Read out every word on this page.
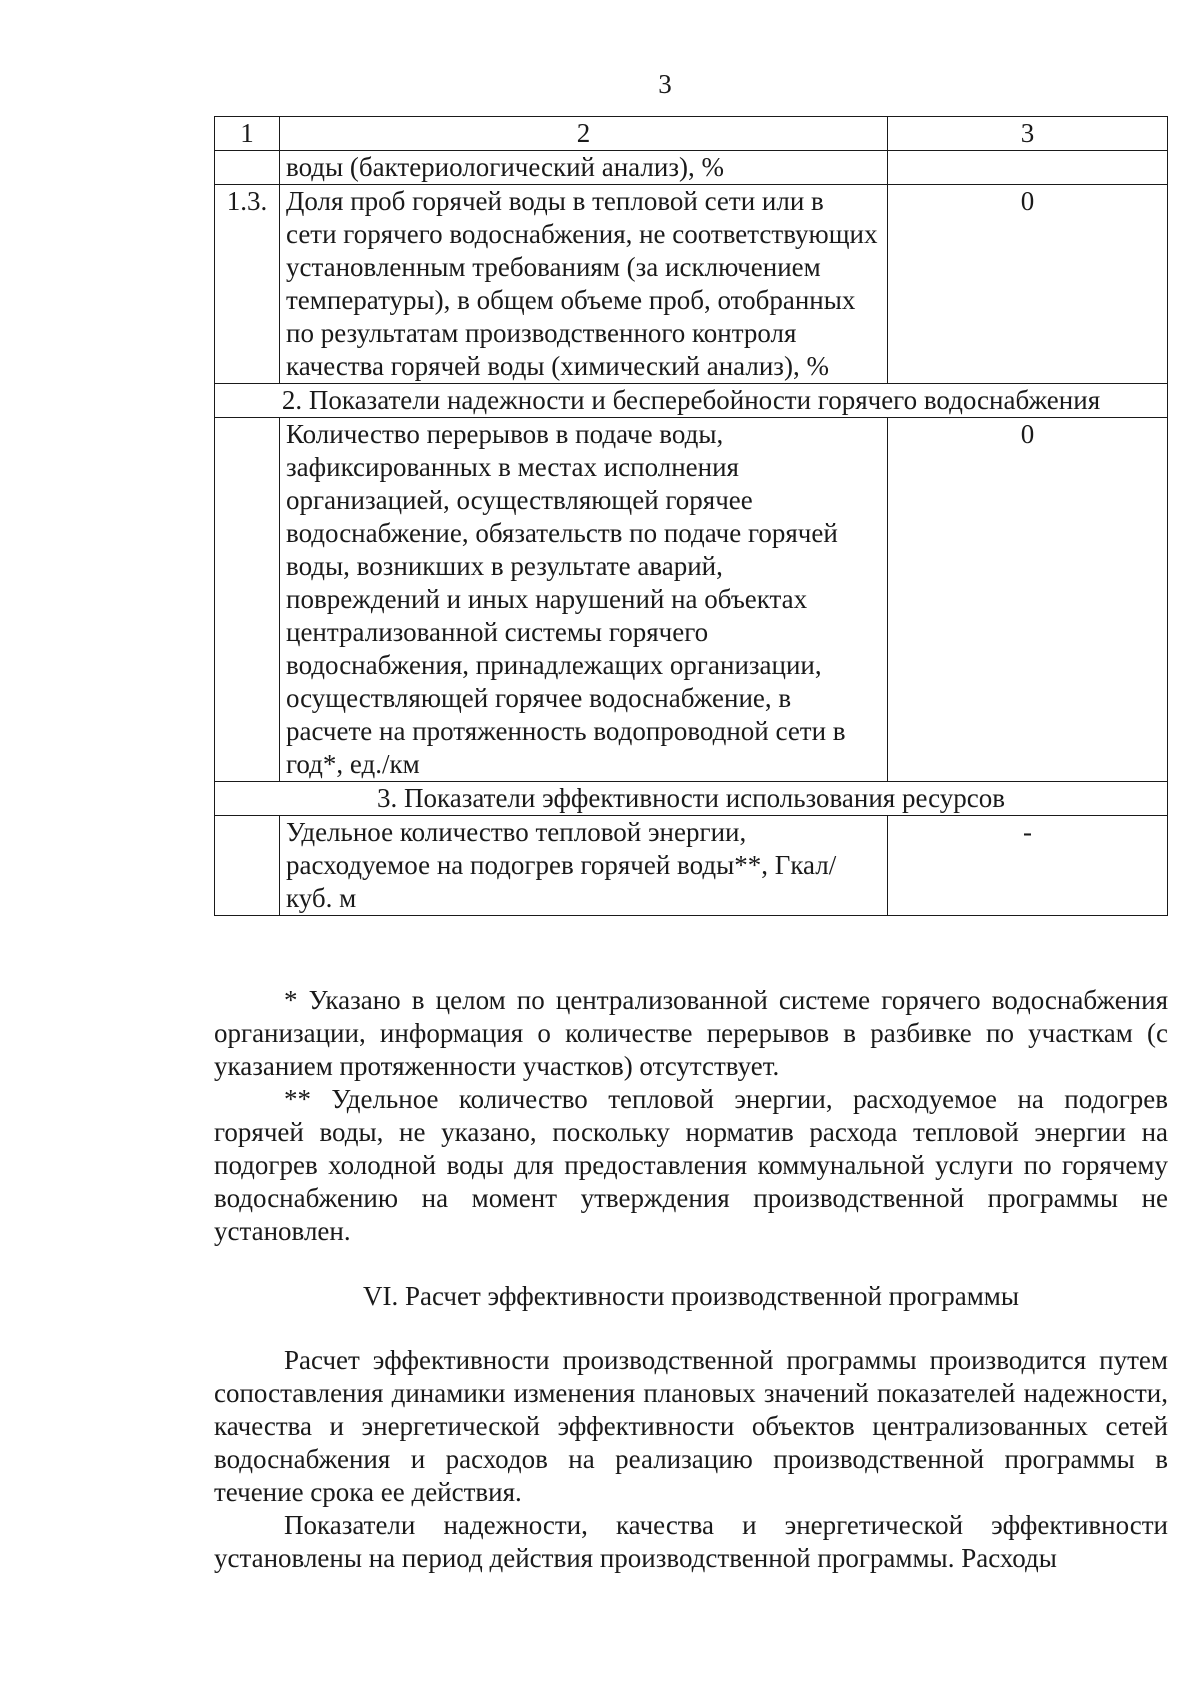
3
1	2	3
	воды (бактериологический анализ), %	
1.3.	Доля проб горячей воды в тепловой сети или в сети горячего водоснабжения, не соответствующих установленным требованиям (за исключением температуры), в общем объеме проб, отобранных по результатам производственного контроля качества горячей воды (химический анализ), %	0
2. Показатели надежности и бесперебойности горячего водоснабжения		
	Количество перерывов в подаче воды, зафиксированных в местах исполнения организацией, осуществляющей горячее водоснабжение, обязательств по подаче горячей воды, возникших в результате аварий, повреждений и иных нарушений на объектах централизованной системы горячего водоснабжения, принадлежащих организации, осуществляющей горячее водоснабжение, в расчете на протяженность водопроводной сети в год*, ед./км	0
3. Показатели эффективности использования ресурсов		
	Удельное количество тепловой энергии, расходуемое на подогрев горячей воды**, Гкал/ куб. м	-

* Указано в целом по централизованной системе горячего водоснабжения организации, информация о количестве перерывов в разбивке по участкам (с указанием протяженности участков) отсутствует.

** Удельное количество тепловой энергии, расходуемое на подогрев горячей воды, не указано, поскольку норматив расхода тепловой энергии на подогрев холодной воды для предоставления коммунальной услуги по горячему водоснабжению на момент утверждения производственной программы не установлен.

VI. Расчет эффективности производственной программы

Расчет эффективности производственной программы производится путем сопоставления динамики изменения плановых значений показателей надежности, качества и энергетической эффективности объектов централизованных сетей водоснабжения и расходов на реализацию производственной программы в течение срока ее действия.

Показатели надежности, качества и энергетической эффективности установлены на период действия производственной программы. Расходы
